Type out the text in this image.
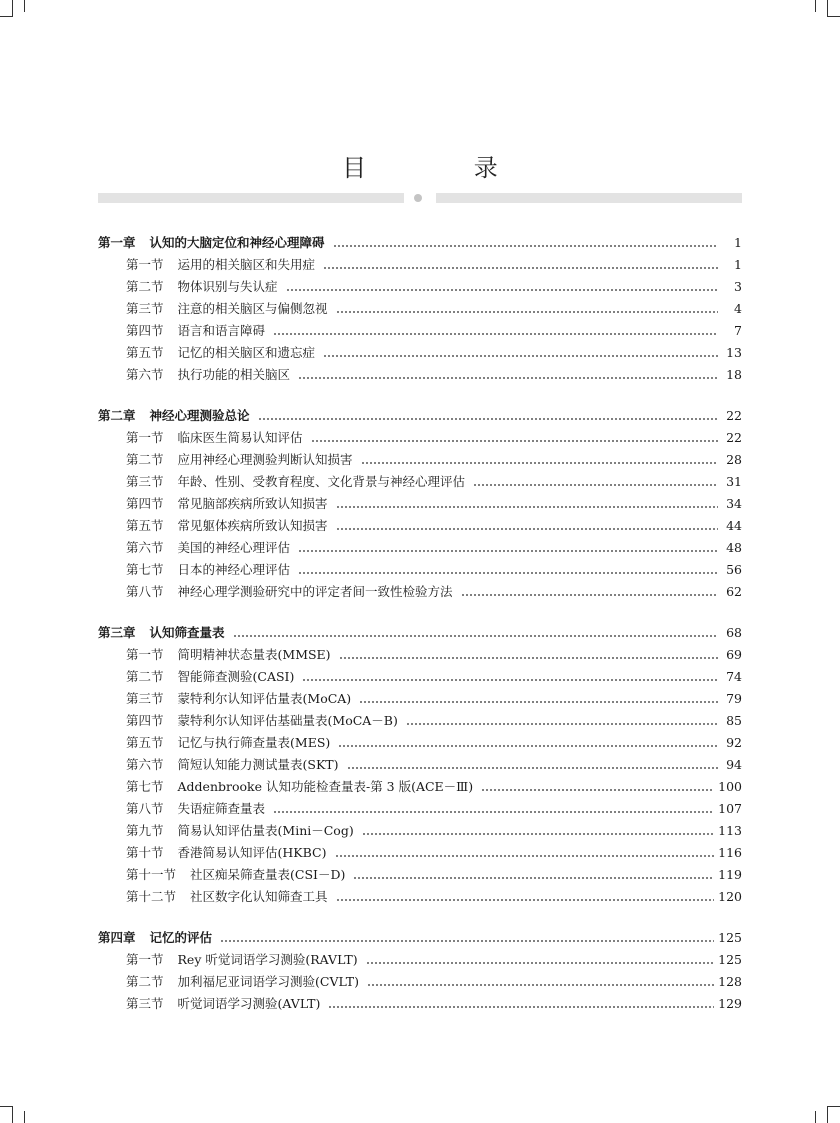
目 录
第一章 认知的大脑定位和神经心理障碍	1
第一节 运用的相关脑区和失用症	1
第二节 物体识别与失认症	3
第三节 注意的相关脑区与偏侧忽视	4
第四节 语言和语言障碍	7
第五节 记忆的相关脑区和遗忘症	13
第六节 执行功能的相关脑区	18
第二章 神经心理测验总论	22
第一节 临床医生简易认知评估	22
第二节 应用神经心理测验判断认知损害	28
第三节 年龄、性别、受教育程度、文化背景与神经心理评估	31
第四节 常见脑部疾病所致认知损害	34
第五节 常见躯体疾病所致认知损害	44
第六节 美国的神经心理评估	48
第七节 日本的神经心理评估	56
第八节 神经心理学测验研究中的评定者间一致性检验方法	62
第三章 认知筛查量表	68
第一节 简明精神状态量表(MMSE)	69
第二节 智能筛查测验(CASI)	74
第三节 蒙特利尔认知评估量表(MoCA)	79
第四节 蒙特利尔认知评估基础量表(MoCA－B)	85
第五节 记忆与执行筛查量表(MES)	92
第六节 简短认知能力测试量表(SKT)	94
第七节 Addenbrooke 认知功能检查量表-第 3 版(ACE－Ⅲ)	100
第八节 失语症筛查量表	107
第九节 简易认知评估量表(Mini－Cog)	113
第十节 香港简易认知评估(HKBC)	116
第十一节 社区痴呆筛查量表(CSI－D)	119
第十二节 社区数字化认知筛查工具	120
第四章 记忆的评估	125
第一节 Rey 听觉词语学习测验(RAVLT)	125
第二节 加利福尼亚词语学习测验(CVLT)	128
第三节 听觉词语学习测验(AVLT)	129
